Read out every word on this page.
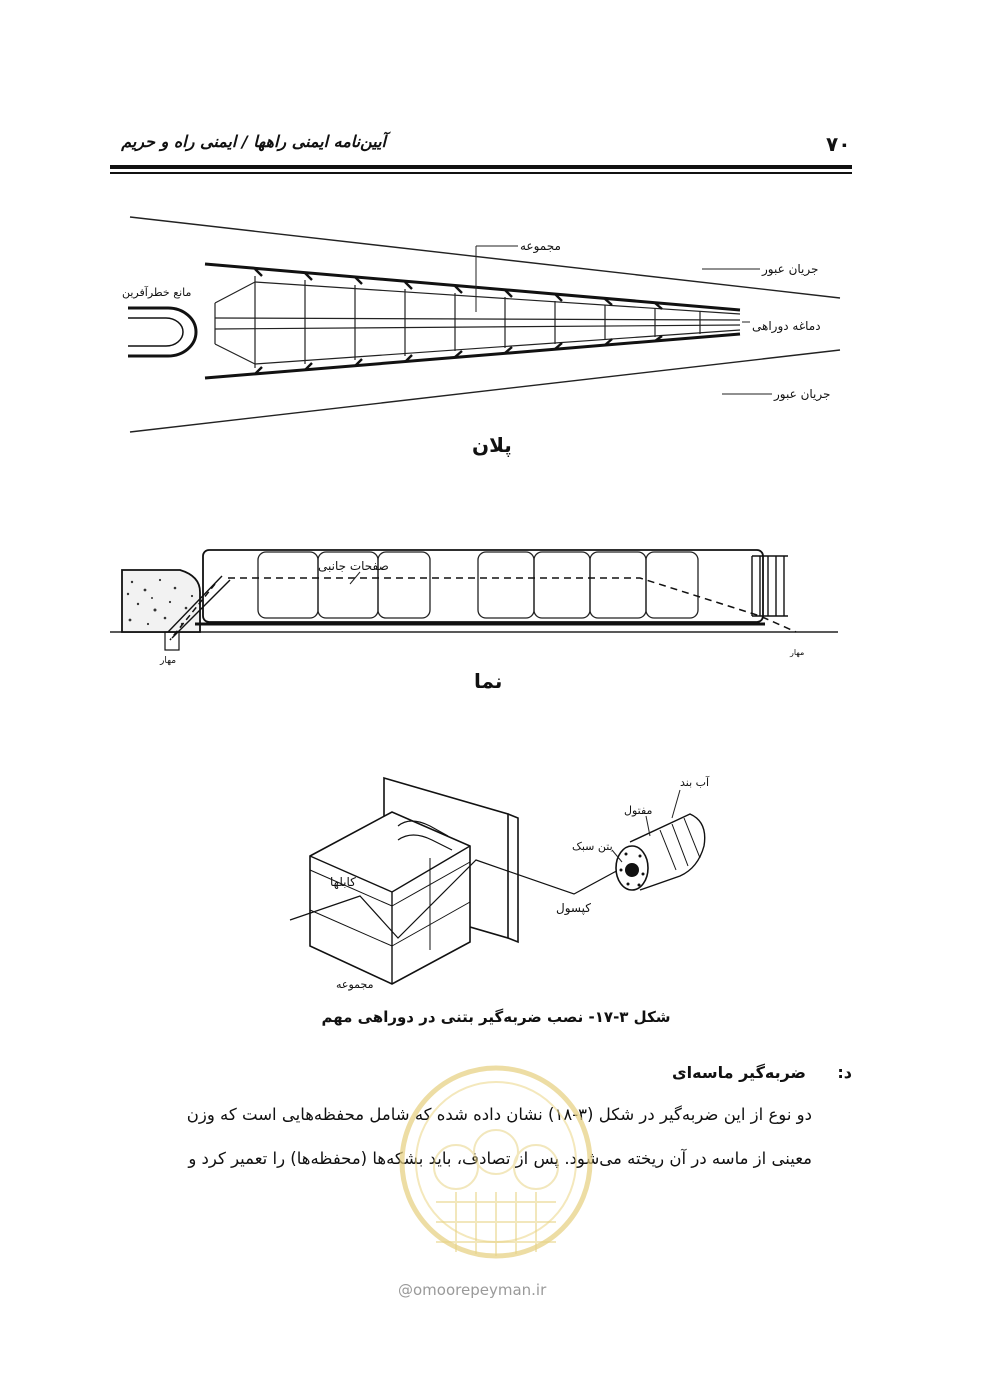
۷۰
آیین‌نامه ایمنی راهها / ایمنی راه و حریم
مجموعه
جریان عبور
جریان عبور
دماغه دوراهی
مانع خطرآفرین
پلان
صفحات جانبی
مهار
مهار
نما
آب بند
مفتول
بتن سبک
کپسول
کابلها
مجموعه
شکل ۳-۱۷- نصب ضربه‌گیر بتنی در دوراهی مهم
د:
ضربه‌گیر ماسه‌ای
دو نوع از این ضربه‌گیر در شکل (۳-۱۸) نشان داده شده که شامل محفظه‌هایی است که وزن
معینی از ماسه در آن ریخته می‌شود. پس از تصادف، باید بشکه‌ها (محفظه‌ها) را تعمیر کرد و
@omoorepeyman.ir
